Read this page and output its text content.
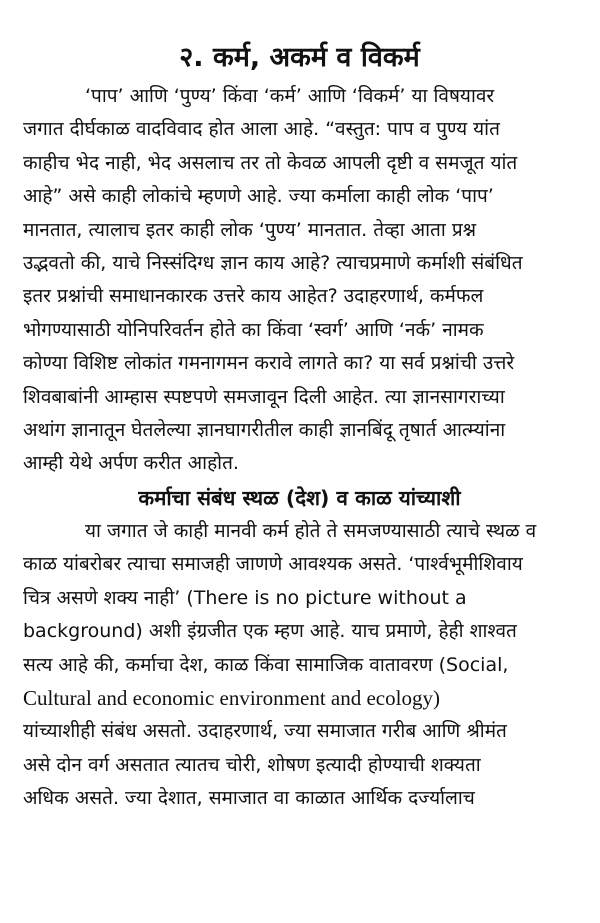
२. कर्म, अकर्म व विकर्म
‘पाप’ आणि ‘पुण्य’ किंवा ‘कर्म’ आणि ‘विकर्म’ या विषयावर
जगात दीर्घकाळ वादविवाद होत आला आहे. “वस्तुत: पाप व पुण्य यांत
काहीच भेद नाही, भेद असलाच तर तो केवळ आपली दृष्टी व समजूत यांत
आहे” असे काही लोकांचे म्हणणे आहे. ज्या कर्माला काही लोक ‘पाप’
मानतात, त्यालाच इतर काही लोक ‘पुण्य’ मानतात. तेव्हा आता प्रश्न
उद्भवतो की, याचे निस्संदिग्ध ज्ञान काय आहे? त्याचप्रमाणे कर्माशी संबंधित
इतर प्रश्नांची समाधानकारक उत्तरे काय आहेत? उदाहरणार्थ, कर्मफल
भोगण्यासाठी योनिपरिवर्तन होते का किंवा ‘स्वर्ग’ आणि ‘नर्क’ नामक
कोण्या विशिष्ट लोकांत गमनागमन करावे लागते का? या सर्व प्रश्नांची उत्तरे
शिवबाबांनी आम्हास स्पष्टपणे समजावून दिली आहेत. त्या ज्ञानसागराच्या
अथांग ज्ञानातून घेतलेल्या ज्ञानघागरीतील काही ज्ञानबिंदू तृषार्त आत्म्यांना
आम्ही येथे अर्पण करीत आहोत.
कर्माचा संबंध स्थळ (देश) व काळ यांच्याशी
या जगात जे काही मानवी कर्म होते ते समजण्यासाठी त्याचे स्थळ व
काळ यांबरोबर त्याचा समाजही जाणणे आवश्यक असते. ‘पार्श्वभूमीशिवाय
चित्र असणे शक्य नाही’ (There is no picture without a
background) अशी इंग्रजीत एक म्हण आहे. याच प्रमाणे, हेही शाश्वत
सत्य आहे की, कर्माचा देश, काळ किंवा सामाजिक वातावरण (Social,
Cultural and economic environment and ecology)
यांच्याशीही संबंध असतो. उदाहरणार्थ, ज्या समाजात गरीब आणि श्रीमंत
असे दोन वर्ग असतात त्यातच चोरी, शोषण इत्यादी होण्याची शक्यता
अधिक असते. ज्या देशात, समाजात वा काळात आर्थिक दर्ज्यालाच
